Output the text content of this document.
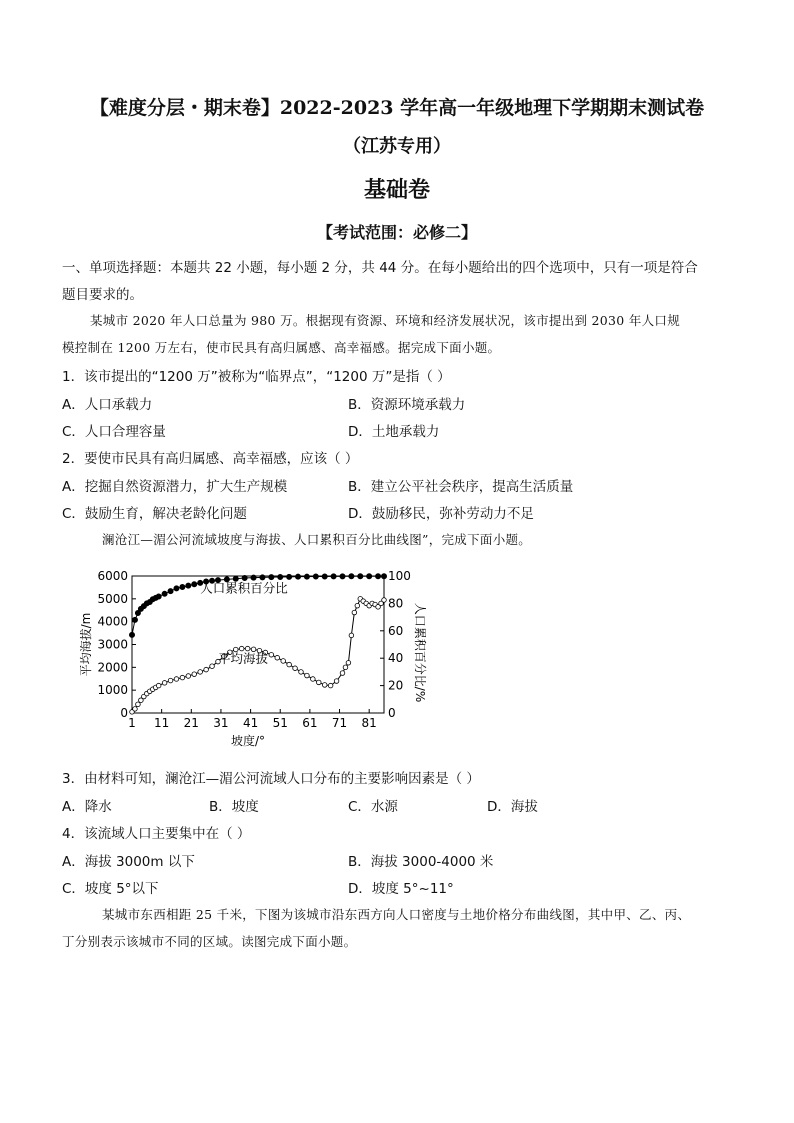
【难度分层・期末卷】2022-2023 学年高一年级地理下学期期末测试卷
（江苏专用）
基础卷
【考试范围：必修二】
一、单项选择题：本题共 22 小题，每小题 2 分，共 44 分。在每小题给出的四个选项中，只有一项是符合
题目要求的。
某城市 2020 年人口总量为 980 万。根据现有资源、环境和经济发展状况，该市提出到 2030 年人口规
模控制在 1200 万左右，使市民具有高归属感、高幸福感。据完成下面小题。
1．该市提出的“1200 万”被称为“临界点”，“1200 万”是指（ ）
A．人口承载力	B．资源环境承载力
C．人口合理容量	D．土地承载力
2．要使市民具有高归属感、高幸福感，应该（ ）
A．挖掘自然资源潜力，扩大生产规模	B．建立公平社会秩序，提高生活质量
C．鼓励生育，解决老龄化问题	D．鼓励移民，弥补劳动力不足
澜沧江—湄公河流域坡度与海拔、人口累积百分比曲线图”，完成下面小题。
1 11 21 31 41 51 61 71 81
0
1000
2000
3000
4000
5000
6000
0
20
40
60
80
100
坡度/°
平均海拔/m	人口累积百分比/%
人口累积百分比
平均海拔
3．由材料可知，澜沧江—湄公河流域人口分布的主要影响因素是（ ）
A．降水	B．坡度	C．水源	D．海拔
4．该流域人口主要集中在（ ）
A．海拔 3000m 以下	B．海拔 3000-4000 米
C．坡度 5°以下	D．坡度 5°~11°
某城市东西相距 25 千米，下图为该城市沿东西方向人口密度与土地价格分布曲线图，其中甲、乙、丙、
丁分别表示该城市不同的区域。读图完成下面小题。
